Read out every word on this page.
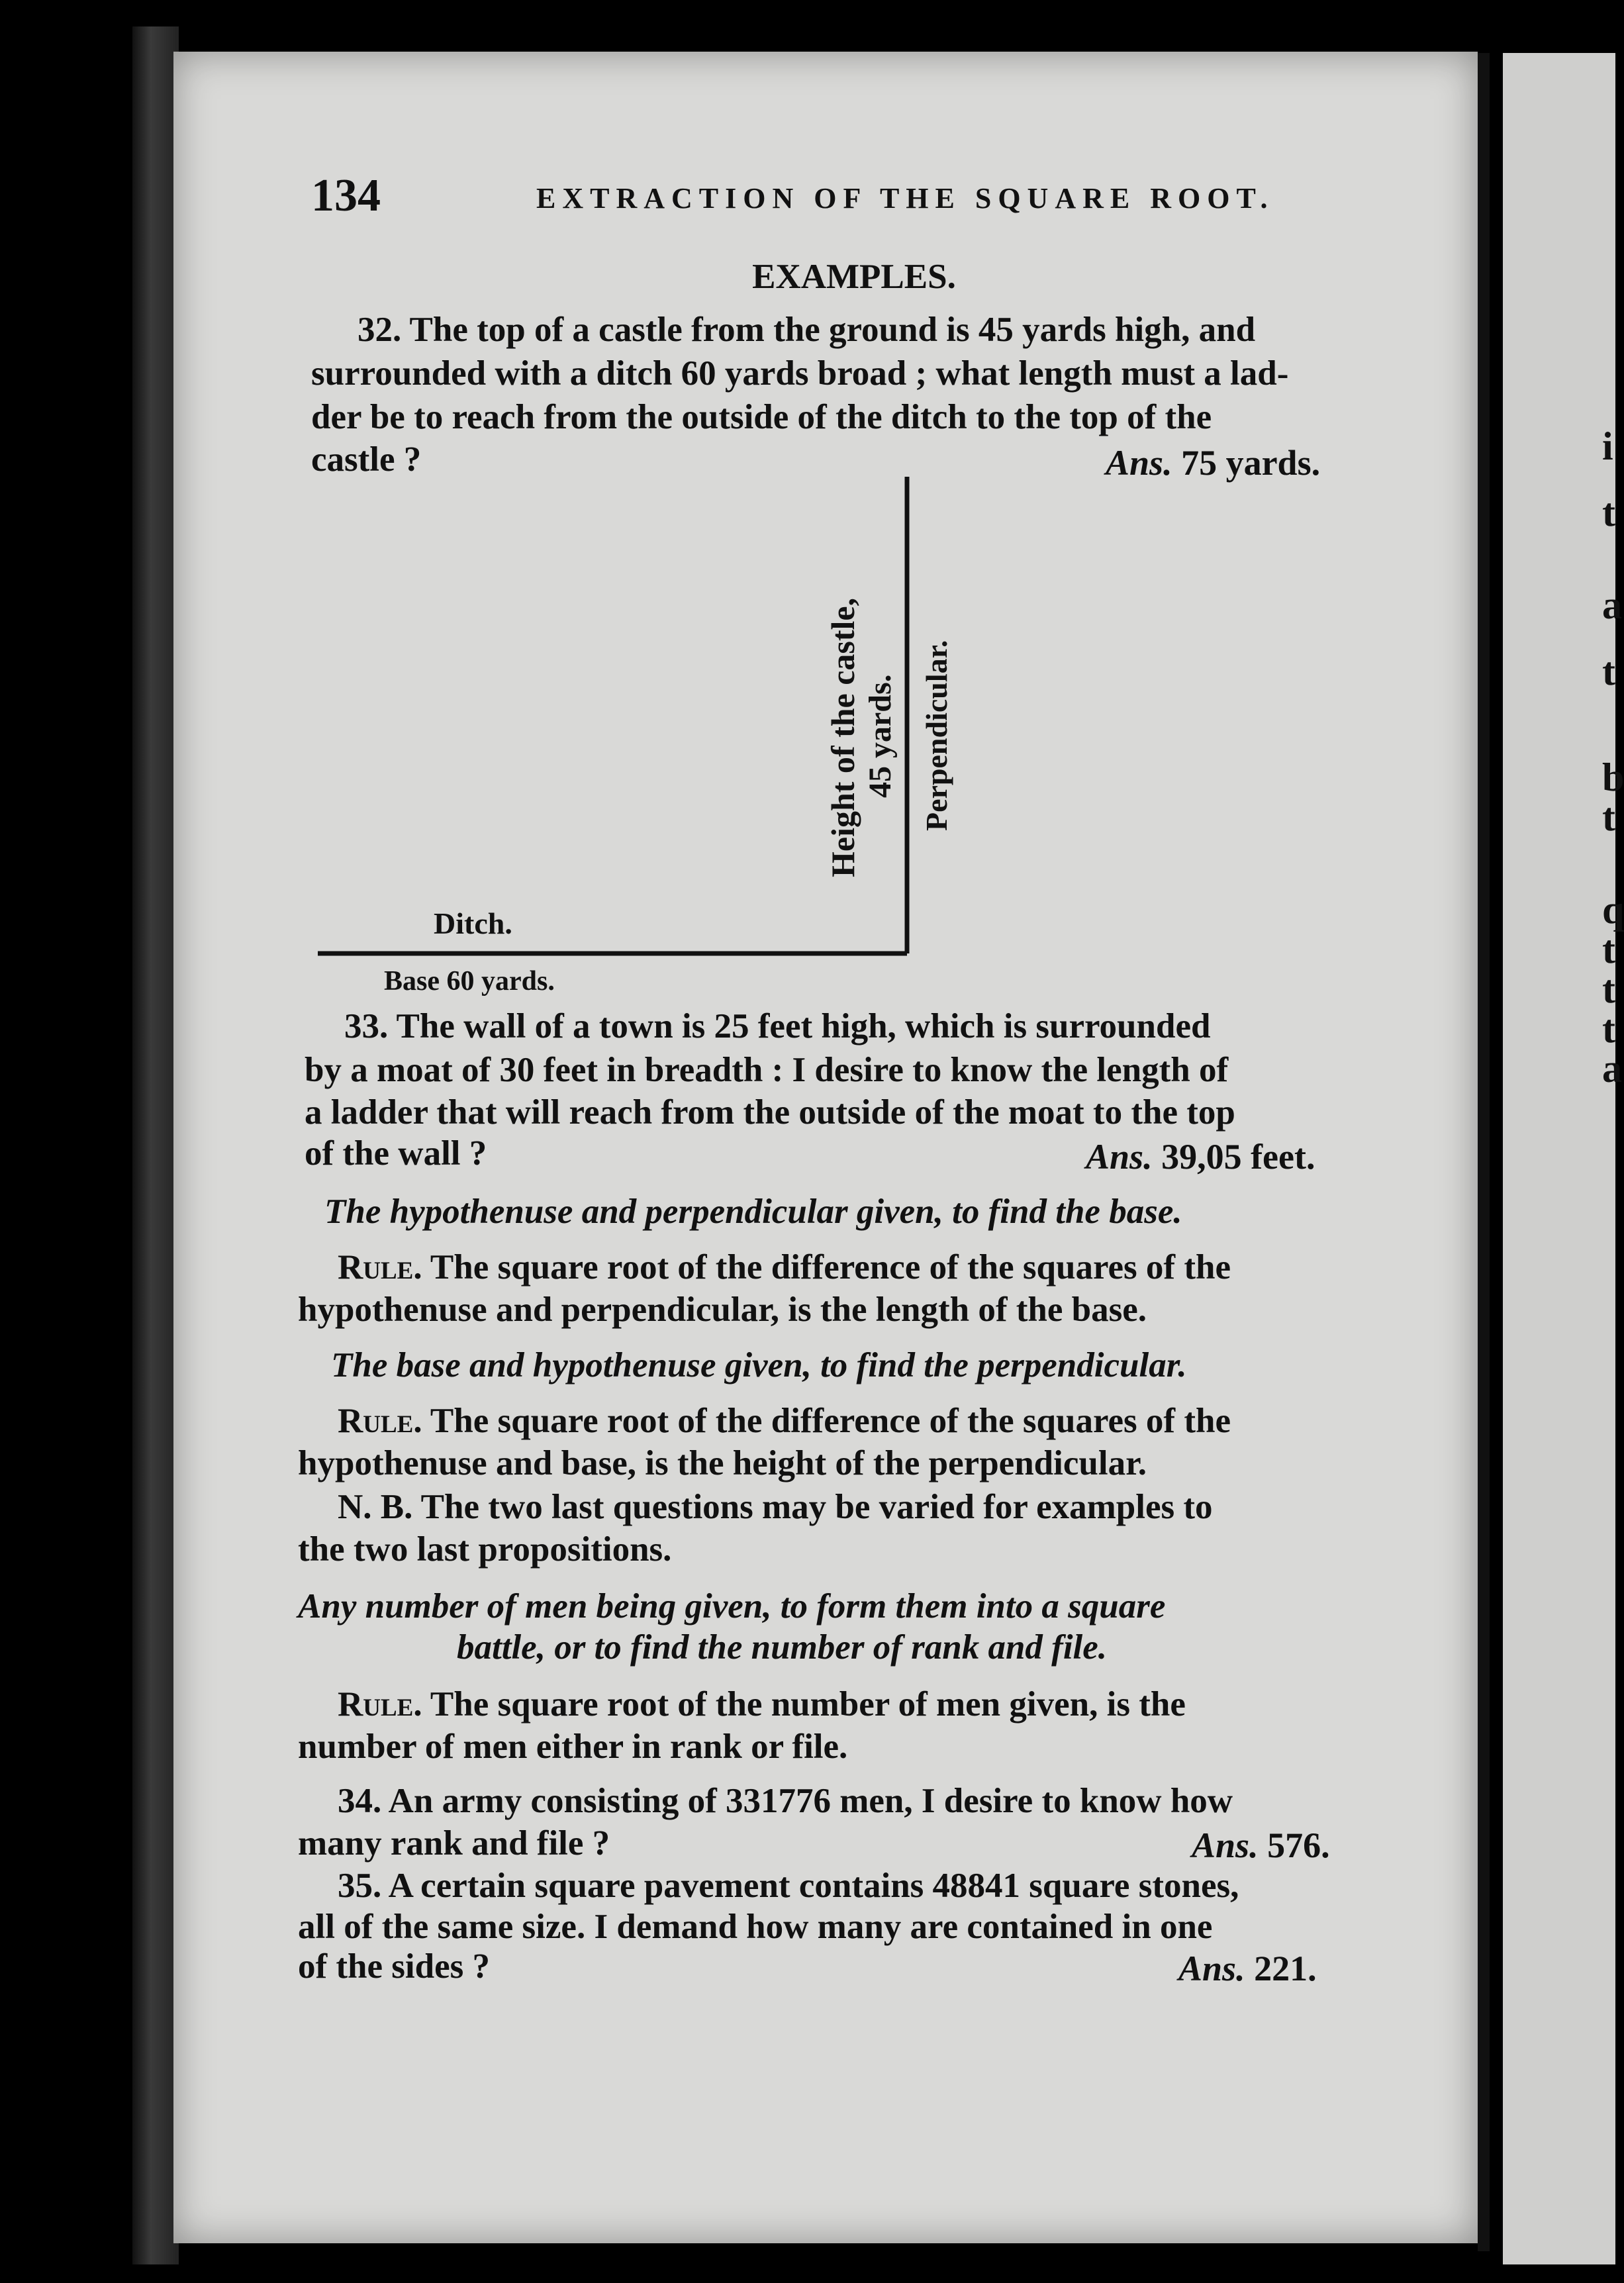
i
t
a
t
b
t
q
t
t
t
a
134	EXTRACTION OF THE SQUARE ROOT.
EXAMPLES.
32. The top of a castle from the ground is 45 yards high, and
surrounded with a ditch 60 yards broad ; what length must a lad-
der be to reach from the outside of the ditch to the top of the
castle ?	Ans. 75 yards.
Height of the castle, 45 yards. Perpendicular.
Ditch.
Base 60 yards.
33. The wall of a town is 25 feet high, which is surrounded
by a moat of 30 feet in breadth : I desire to know the length of
a ladder that will reach from the outside of the moat to the top
of the wall ?	Ans. 39,05 feet.
The hypothenuse and perpendicular given, to find the base.
Rule. The square root of the difference of the squares of the
hypothenuse and perpendicular, is the length of the base.
The base and hypothenuse given, to find the perpendicular.
Rule. The square root of the difference of the squares of the
hypothenuse and base, is the height of the perpendicular.
N. B. The two last questions may be varied for examples to
the two last propositions.
Any number of men being given, to form them into a square
battle, or to find the number of rank and file.
Rule. The square root of the number of men given, is the
number of men either in rank or file.
34. An army consisting of 331776 men, I desire to know how
many rank and file ?	Ans. 576.
35. A certain square pavement contains 48841 square stones,
all of the same size. I demand how many are contained in one
of the sides ?	Ans. 221.
